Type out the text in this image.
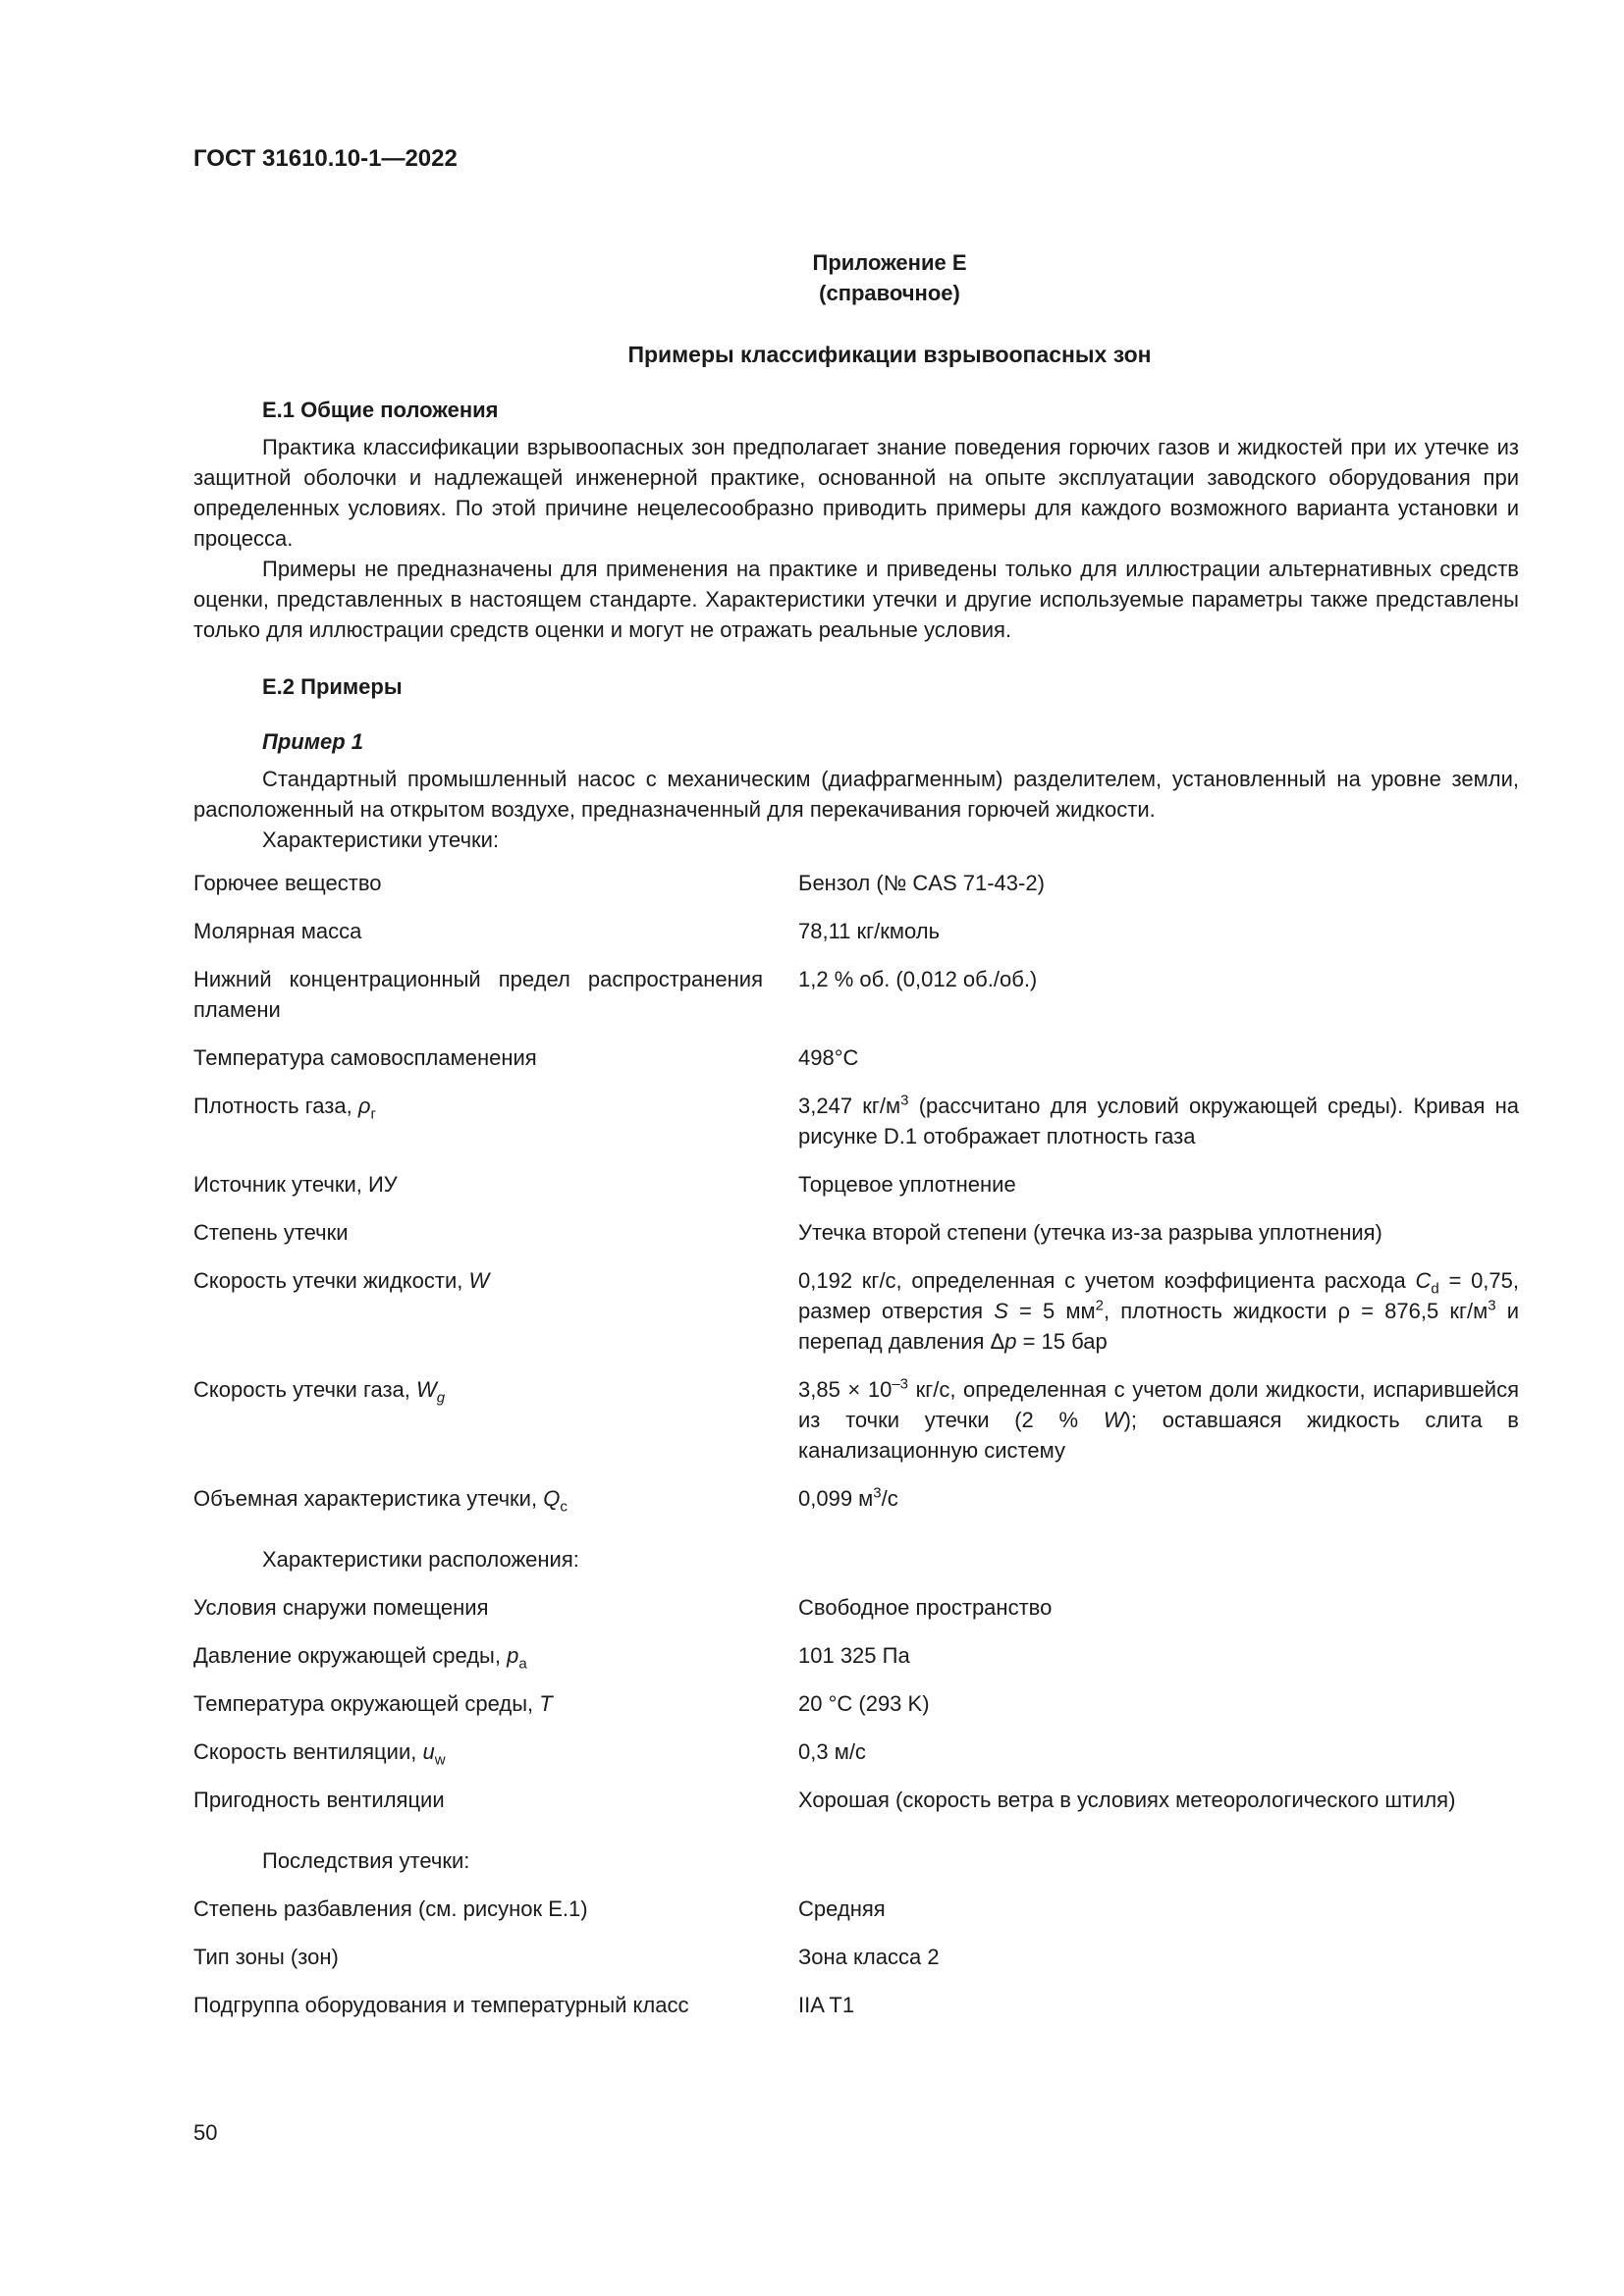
ГОСТ 31610.10-1—2022
Приложение Е
(справочное)
Примеры классификации взрывоопасных зон
Е.1 Общие положения

Практика классификации взрывоопасных зон предполагает знание поведения горючих газов и жидкостей при их утечке из защитной оболочки и надлежащей инженерной практике, основанной на опыте эксплуатации заводского оборудования при определенных условиях. По этой причине нецелесообразно приводить примеры для каждого возможного варианта установки и процесса.

Примеры не предназначены для применения на практике и приведены только для иллюстрации альтернативных средств оценки, представленных в настоящем стандарте. Характеристики утечки и другие используемые параметры также представлены только для иллюстрации средств оценки и могут не отражать реальные условия.

Е.2 Примеры
Пример 1

Стандартный промышленный насос с механическим (диафрагменным) разделителем, установленный на уровне земли, расположенный на открытом воздухе, предназначенный для перекачивания горючей жидкости.

Характеристики утечки:
Горючее вещество	Бензол (№ CAS 71-43-2)
Молярная масса	78,11 кг/кмоль
Нижний концентрационный предел распространения пламени	1,2 % об. (0,012 об./об.)
Температура самовоспламенения	498°C
Плотность газа, $\rho_г$	3,247 $кг/м^3$ (рассчитано для условий окружающей среды). Кривая на рисунке D.1 отображает плотность газа
Источник утечки, ИУ	Торцевое уплотнение
Степень утечки	Утечка второй степени (утечка из-за разрыва уплотнения)
Скорость утечки жидкости, W	0,192 кг/с, определенная с учетом коэффициента расхода $C_d = 0,75$, размер отверстия S = 5 $мм^2$, плотность жидкости ρ = 876,5 $кг/м^3$ и перепад давления Δp = 15 бар
Скорость утечки газа, $W_g$	$3,85 \times 10^{-3}$ кг/с, определенная с учетом доли жидкости, испарившейся из точки утечки (2 % W); оставшаяся жидкость слита в канализационную систему
Объемная характеристика утечки, $Q_c$	0,099 $м^3/с$
Характеристики расположения:	
Условия снаружи помещения	Свободное пространство
Давление окружающей среды, $p_a$	101 325 Па
Температура окружающей среды, T	20 °C (293 K)
Скорость вентиляции, $u_w$	0,3 м/с
Пригодность вентиляции	Хорошая (скорость ветра в условиях метеорологического штиля)
Последствия утечки:	
Степень разбавления (см. рисунок Е.1)	Средняя
Тип зоны (зон)	Зона класса 2
Подгруппа оборудования и температурный класс	IIA T1
50
